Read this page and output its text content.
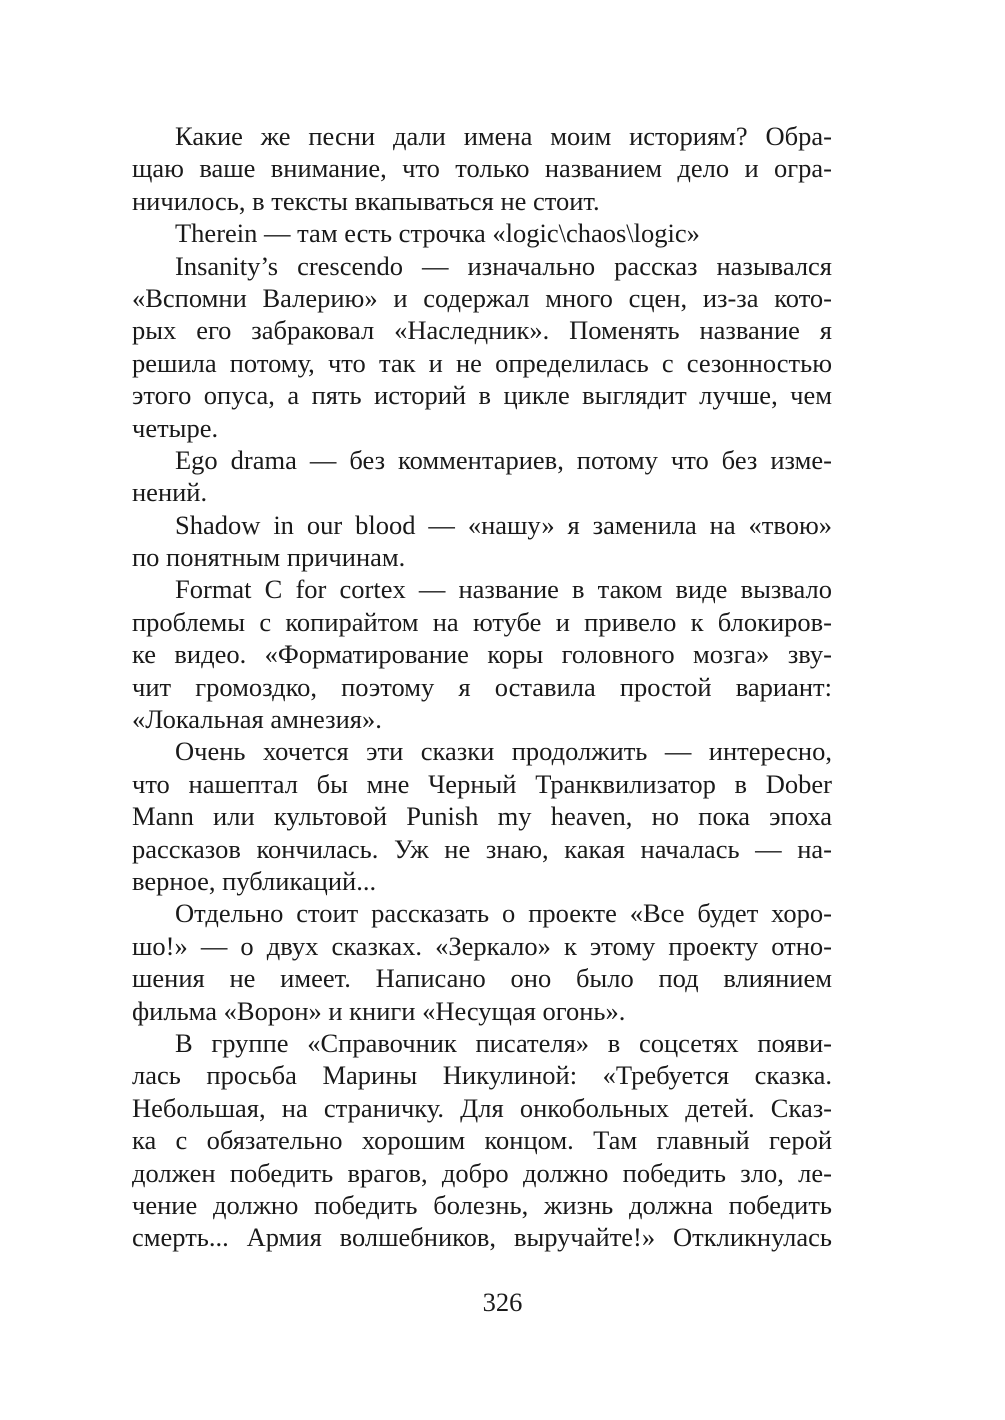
Какие же песни дали имена моим историям? Обра-
щаю ваше внимание, что только названием дело и огра-
ничилось, в тексты вкапываться не стоит.
Therein — там есть строчка «logic\chaos\logic»
Insanity’s crescendo — изначально рассказ назывался
«Вспомни Валерию» и содержал много сцен, из-за кото-
рых его забраковал «Наследник». Поменять название я
решила потому, что так и не определилась с сезонностью
этого опуса, а пять историй в цикле выглядит лучше, чем
четыре.
Ego drama — без комментариев, потому что без изме-
нений.
Shadow in our blood — «нашу» я заменила на «твою»
по понятным причинам.
Format C for cortex — название в таком виде вызвало
проблемы с копирайтом на ютубе и привело к блокиров-
ке видео. «Форматирование коры головного мозга» зву-
чит громоздко, поэтому я оставила простой вариант:
«Локальная амнезия».
Очень хочется эти сказки продолжить — интересно,
что нашептал бы мне Черный Транквилизатор в Dober
Mann или культовой Punish my heaven, но пока эпоха
рассказов кончилась. Уж не знаю, какая началась — на-
верное, публикаций...
Отдельно стоит рассказать о проекте «Все будет хоро-
шо!» — о двух сказках. «Зеркало» к этому проекту отно-
шения не имеет. Написано оно было под влиянием
фильма «Ворон» и книги «Несущая огонь».
В группе «Справочник писателя» в соцсетях появи-
лась просьба Марины Никулиной: «Требуется сказка.
Небольшая, на страничку. Для онкобольных детей. Сказ-
ка с обязательно хорошим концом. Там главный герой
должен победить врагов, добро должно победить зло, ле-
чение должно победить болезнь, жизнь должна победить
смерть... Армия волшебников, выручайте!» Откликнулась
326
